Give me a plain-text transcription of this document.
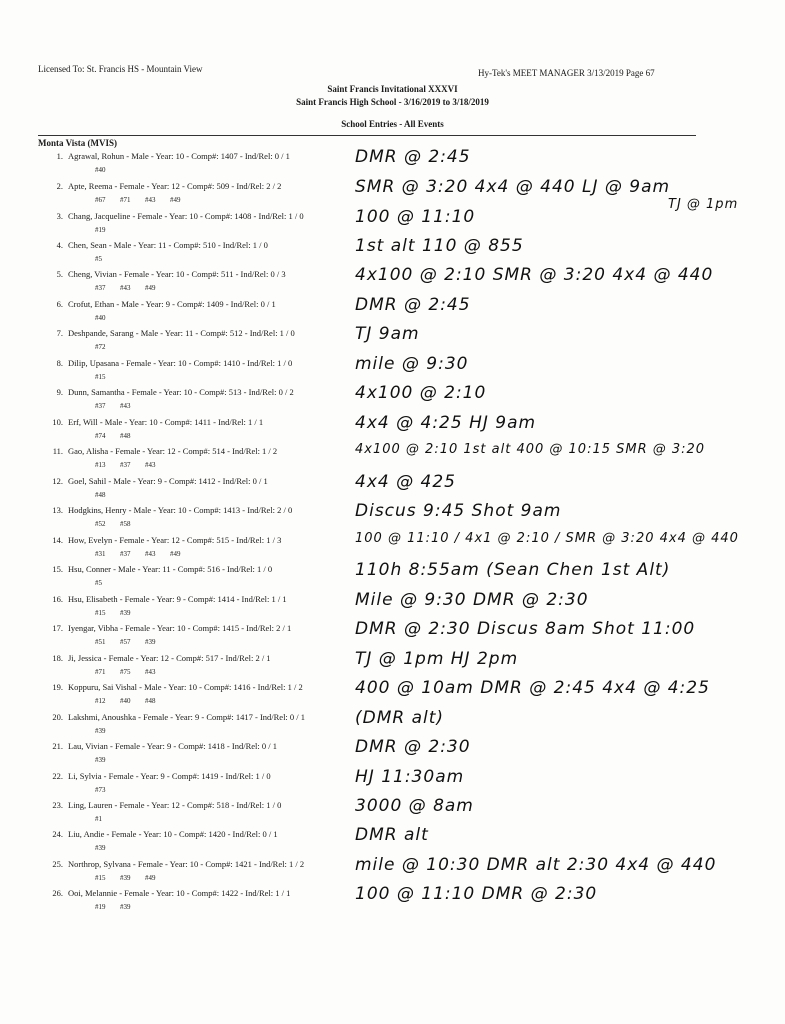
Licensed To: St. Francis HS - Mountain View	Hy-Tek's MEET MANAGER 3/13/2019 Page 67
Saint Francis Invitational XXXVI
Saint Francis High School - 3/16/2019 to 3/18/2019
School Entries - All Events
Monta Vista (MVIS)
1. Agrawal, Rohun - Male - Year: 10 - Comp#: 1407 - Ind/Rel: 0 / 1
#40
DMR @ 2:45
2. Apte, Reema - Female - Year: 12 - Comp#: 509 - Ind/Rel: 2 / 2
#67 #71 #43 #49
SMR @ 3:20 4x4 @ 440 LJ @ 9am
TJ @ 1pm
3. Chang, Jacqueline - Female - Year: 10 - Comp#: 1408 - Ind/Rel: 1 / 0
#19
100 @ 11:10
4. Chen, Sean - Male - Year: 11 - Comp#: 510 - Ind/Rel: 1 / 0
#5
1st alt 110 @ 855
5. Cheng, Vivian - Female - Year: 10 - Comp#: 511 - Ind/Rel: 0 / 3
#37 #43 #49
4x100 @ 2:10 SMR @ 3:20 4x4 @ 440
6. Crofut, Ethan - Male - Year: 9 - Comp#: 1409 - Ind/Rel: 0 / 1
#40
DMR @ 2:45
7. Deshpande, Sarang - Male - Year: 11 - Comp#: 512 - Ind/Rel: 1 / 0
#72
TJ 9am
8. Dilip, Upasana - Female - Year: 10 - Comp#: 1410 - Ind/Rel: 1 / 0
#15
mile @ 9:30
9. Dunn, Samantha - Female - Year: 10 - Comp#: 513 - Ind/Rel: 0 / 2
#37 #43
4x100 @ 2:10
10. Erf, Will - Male - Year: 10 - Comp#: 1411 - Ind/Rel: 1 / 1
#74 #48
4x4 @ 4:25 HJ 9am
11. Gao, Alisha - Female - Year: 12 - Comp#: 514 - Ind/Rel: 1 / 2
#13 #37 #43
4x100 @ 2:10 1st alt 400 @ 10:15 SMR @ 3:20
12. Goel, Sahil - Male - Year: 9 - Comp#: 1412 - Ind/Rel: 0 / 1
#48
4x4 @ 425
13. Hodgkins, Henry - Male - Year: 10 - Comp#: 1413 - Ind/Rel: 2 / 0
#52 #58
Discus 9:45 Shot 9am
14. How, Evelyn - Female - Year: 12 - Comp#: 515 - Ind/Rel: 1 / 3
#31 #37 #43 #49
100 @ 11:10 / 4x1 @ 2:10 / SMR @ 3:20 4x4 @ 440
15. Hsu, Conner - Male - Year: 11 - Comp#: 516 - Ind/Rel: 1 / 0
#5
110h 8:55am (Sean Chen 1st Alt)
16. Hsu, Elisabeth - Female - Year: 9 - Comp#: 1414 - Ind/Rel: 1 / 1
#15 #39
Mile @ 9:30 DMR @ 2:30
17. Iyengar, Vibha - Female - Year: 10 - Comp#: 1415 - Ind/Rel: 2 / 1
#51 #57 #39
DMR @ 2:30 Discus 8am Shot 11:00
18. Ji, Jessica - Female - Year: 12 - Comp#: 517 - Ind/Rel: 2 / 1
#71 #75 #43
TJ @ 1pm HJ 2pm
19. Koppuru, Sai Vishal - Male - Year: 10 - Comp#: 1416 - Ind/Rel: 1 / 2
#12 #40 #48
400 @ 10am DMR @ 2:45 4x4 @ 4:25
20. Lakshmi, Anoushka - Female - Year: 9 - Comp#: 1417 - Ind/Rel: 0 / 1
#39
(DMR alt)
21. Lau, Vivian - Female - Year: 9 - Comp#: 1418 - Ind/Rel: 0 / 1
#39
DMR @ 2:30
22. Li, Sylvia - Female - Year: 9 - Comp#: 1419 - Ind/Rel: 1 / 0
#73
HJ 11:30am
23. Ling, Lauren - Female - Year: 12 - Comp#: 518 - Ind/Rel: 1 / 0
#1
3000 @ 8am
24. Liu, Andie - Female - Year: 10 - Comp#: 1420 - Ind/Rel: 0 / 1
#39
DMR alt
25. Northrop, Sylvana - Female - Year: 10 - Comp#: 1421 - Ind/Rel: 1 / 2
#15 #39 #49
mile @ 10:30 DMR alt 2:30 4x4 @ 440
26. Ooi, Melannie - Female - Year: 10 - Comp#: 1422 - Ind/Rel: 1 / 1
#19 #39
100 @ 11:10 DMR @ 2:30
